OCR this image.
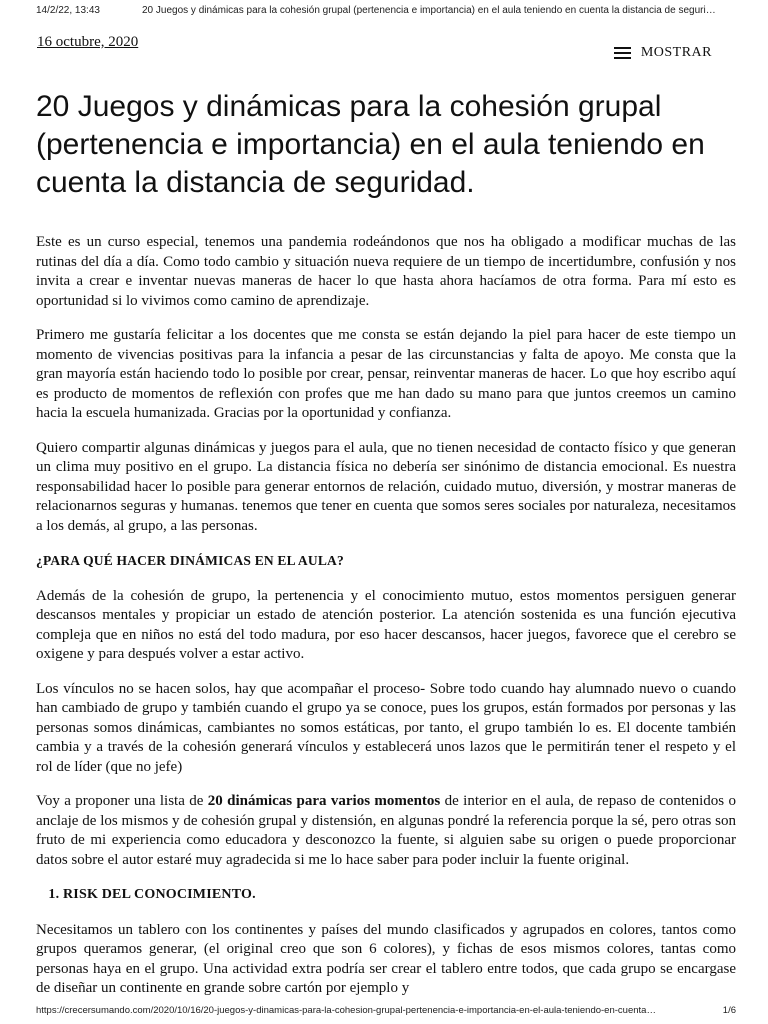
14/2/22, 13:43	20 Juegos y dinámicas para la cohesión grupal (pertenencia e importancia) en el aula teniendo en cuenta la distancia de seguri…
16 octubre, 2020
MOSTRAR
20 Juegos y dinámicas para la cohesión grupal (pertenencia e importancia) en el aula teniendo en cuenta la distancia de seguridad.

Este es un curso especial, tenemos una pandemia rodeándonos que nos ha obligado a modificar muchas de las rutinas del día a día. Como todo cambio y situación nueva requiere de un tiempo de incertidumbre, confusión y nos invita a crear e inventar nuevas maneras de hacer lo que hasta ahora hacíamos de otra forma. Para mí esto es oportunidad si lo vivimos como camino de aprendizaje.

Primero me gustaría felicitar a los docentes que me consta se están dejando la piel para hacer de este tiempo un momento de vivencias positivas para la infancia a pesar de las circunstancias y falta de apoyo. Me consta que la gran mayoría están haciendo todo lo posible por crear, pensar, reinventar maneras de hacer. Lo que hoy escribo aquí es producto de momentos de reflexión con profes que me han dado su mano para que juntos creemos un camino hacia la escuela humanizada. Gracias por la oportunidad y confianza.

Quiero compartir algunas dinámicas y juegos para el aula, que no tienen necesidad de contacto físico y que generan un clima muy positivo en el grupo. La distancia física no debería ser sinónimo de distancia emocional. Es nuestra responsabilidad hacer lo posible para generar entornos de relación, cuidado mutuo, diversión, y mostrar maneras de relacionarnos seguras y humanas. tenemos que tener en cuenta que somos seres sociales por naturaleza, necesitamos a los demás, al grupo, a las personas.

¿PARA QUÉ HACER DINÁMICAS EN EL AULA?

Además de la cohesión de grupo, la pertenencia y el conocimiento mutuo, estos momentos persiguen generar descansos mentales y propiciar un estado de atención posterior. La atención sostenida es una función ejecutiva compleja que en niños no está del todo madura, por eso hacer descansos, hacer juegos, favorece que el cerebro se oxigene y para después volver a estar activo.

Los vínculos no se hacen solos, hay que acompañar el proceso- Sobre todo cuando hay alumnado nuevo o cuando han cambiado de grupo y también cuando el grupo ya se conoce, pues los grupos, están formados por personas y las personas somos dinámicas, cambiantes no somos estáticas, por tanto, el grupo también lo es. El docente también cambia y a través de la cohesión generará vínculos y establecerá unos lazos que le permitirán tener el respeto y el rol de líder (que no jefe)

Voy a proponer una lista de 20 dinámicas para varios momentos de interior en el aula, de repaso de contenidos o anclaje de los mismos y de cohesión grupal y distensión, en algunas pondré la referencia porque la sé, pero otras son fruto de mi experiencia como educadora y desconozco la fuente, si alguien sabe su origen o puede proporcionar datos sobre el autor estaré muy agradecida si me lo hace saber para poder incluir la fuente original.

1. RISK DEL CONOCIMIENTO.

Necesitamos un tablero con los continentes y países del mundo clasificados y agrupados en colores, tantos como grupos queramos generar, (el original creo que son 6 colores), y fichas de esos mismos colores, tantas como personas haya en el grupo. Una actividad extra podría ser crear el tablero entre todos, que cada grupo se encargase de diseñar un continente en grande sobre cartón por ejemplo y

https://crecersumando.com/2020/10/16/20-juegos-y-dinamicas-para-la-cohesion-grupal-pertenencia-e-importancia-en-el-aula-teniendo-en-cuenta…	1/6
